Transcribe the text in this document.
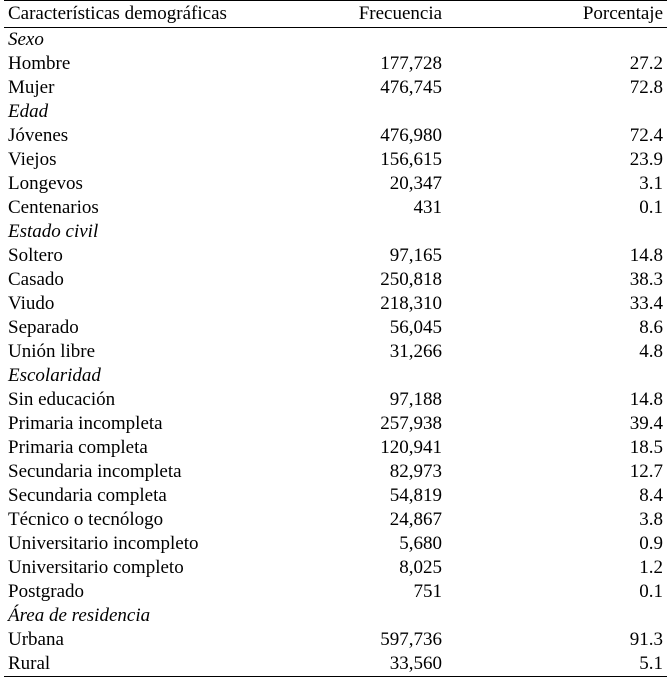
Características demográficas	Frecuencia	Porcentaje
Sexo		
Hombre	177,728	27.2
Mujer	476,745	72.8
Edad		
Jóvenes	476,980	72.4
Viejos	156,615	23.9
Longevos	20,347	3.1
Centenarios	431	0.1
Estado civil		
Soltero	97,165	14.8
Casado	250,818	38.3
Viudo	218,310	33.4
Separado	56,045	8.6
Unión libre	31,266	4.8
Escolaridad		
Sin educación	97,188	14.8
Primaria incompleta	257,938	39.4
Primaria completa	120,941	18.5
Secundaria incompleta	82,973	12.7
Secundaria completa	54,819	8.4
Técnico o tecnólogo	24,867	3.8
Universitario incompleto	5,680	0.9
Universitario completo	8,025	1.2
Postgrado	751	0.1
Área de residencia		
Urbana	597,736	91.3
Rural	33,560	5.1
